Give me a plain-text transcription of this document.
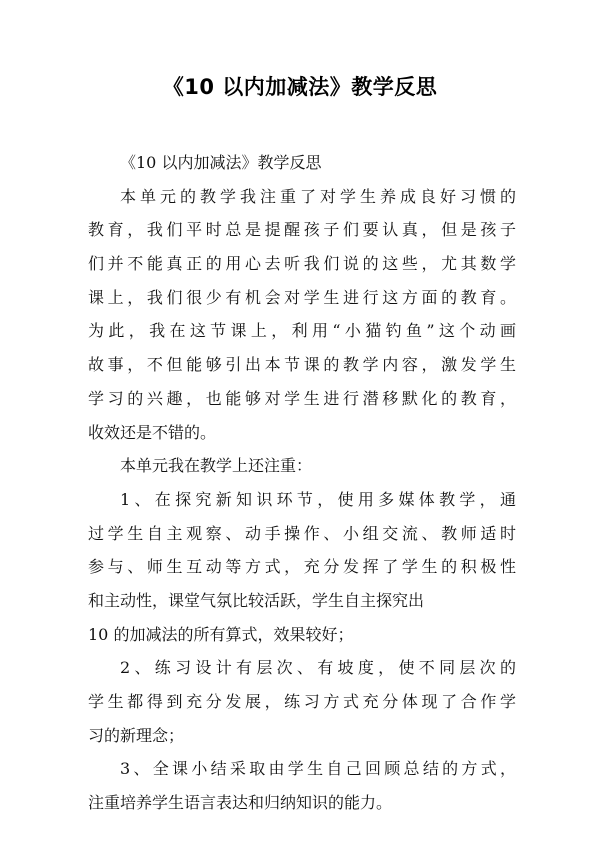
《10 以内加减法》教学反思
《10 以内加减法》教学反思
本单元的教学我注重了对学生养成良好习惯的
教育，我们平时总是提醒孩子们要认真，但是孩子
们并不能真正的用心去听我们说的这些，尤其数学
课上，我们很少有机会对学生进行这方面的教育。
为此，我在这节课上，利用“小猫钓鱼”这个动画
故事，不但能够引出本节课的教学内容，激发学生
学习的兴趣，也能够对学生进行潜移默化的教育，
收效还是不错的。
本单元我在教学上还注重：
1、在探究新知识环节，使用多媒体教学，通
过学生自主观察、动手操作、小组交流、教师适时
参与、师生互动等方式，充分发挥了学生的积极性
和主动性，课堂气氛比较活跃，学生自主探究出
10 的加减法的所有算式，效果较好；
2、练习设计有层次、有坡度，使不同层次的
学生都得到充分发展，练习方式充分体现了合作学
习的新理念；
3、全课小结采取由学生自己回顾总结的方式，
注重培养学生语言表达和归纳知识的能力。
